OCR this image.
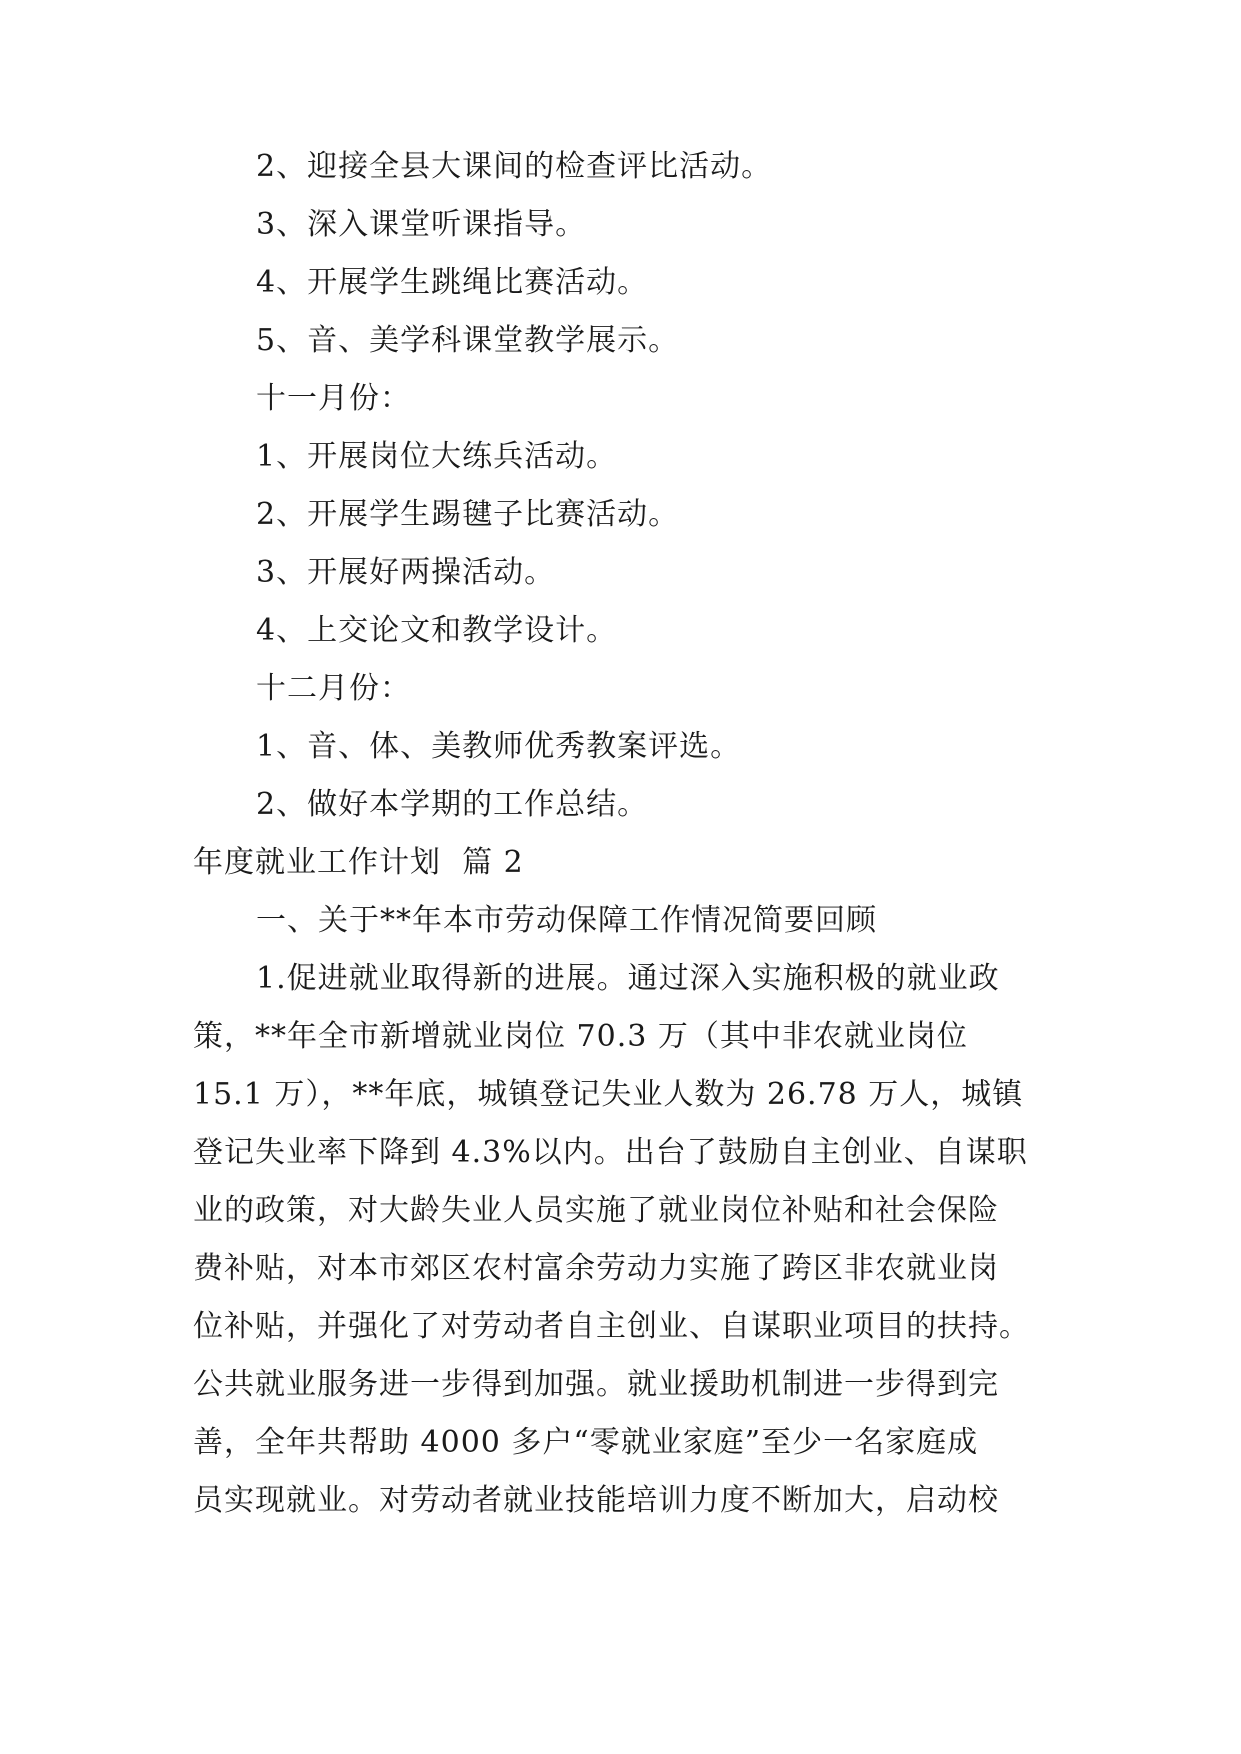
2、迎接全县大课间的检查评比活动。
3、深入课堂听课指导。
4、开展学生跳绳比赛活动。
5、音、美学科课堂教学展示。
十一月份：
1、开展岗位大练兵活动。
2、开展学生踢毽子比赛活动。
3、开展好两操活动。
4、上交论文和教学设计。
十二月份：
1、音、体、美教师优秀教案评选。
2、做好本学期的工作总结。
年度就业工作计划  篇 2
一、关于**年本市劳动保障工作情况简要回顾
1.促进就业取得新的进展。通过深入实施积极的就业政
策，**年全市新增就业岗位 70.3 万（其中非农就业岗位
15.1 万），**年底，城镇登记失业人数为 26.78 万人，城镇
登记失业率下降到 4.3%以内。出台了鼓励自主创业、自谋职
业的政策，对大龄失业人员实施了就业岗位补贴和社会保险
费补贴，对本市郊区农村富余劳动力实施了跨区非农就业岗
位补贴，并强化了对劳动者自主创业、自谋职业项目的扶持。
公共就业服务进一步得到加强。就业援助机制进一步得到完
善，全年共帮助 4000 多户“零就业家庭”至少一名家庭成
员实现就业。对劳动者就业技能培训力度不断加大，启动校
